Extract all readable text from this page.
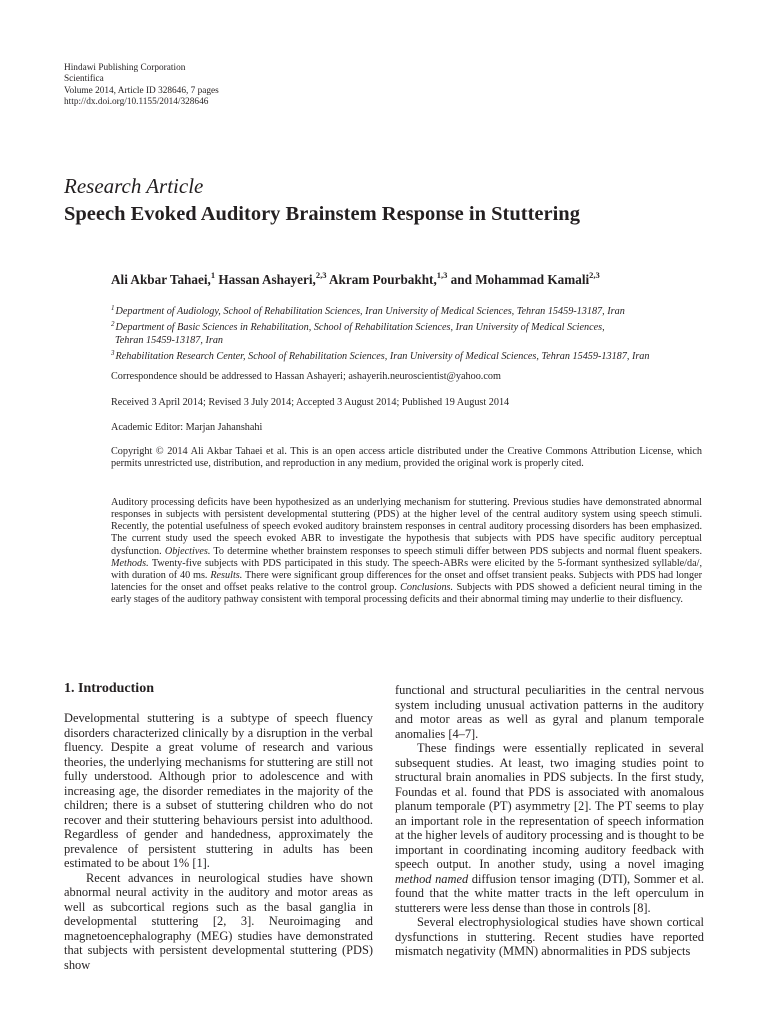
Hindawi Publishing Corporation
Scientifica
Volume 2014, Article ID 328646, 7 pages
http://dx.doi.org/10.1155/2014/328646
Research Article
Speech Evoked Auditory Brainstem Response in Stuttering
Ali Akbar Tahaei,$^1$ Hassan Ashayeri,$^{2,3}$ Akram Pourbakht,$^{1,3}$ and Mohammad Kamali$^{2,3}$
$^1$Department of Audiology, School of Rehabilitation Sciences, Iran University of Medical Sciences, Tehran 15459-13187, Iran
$^2$Department of Basic Sciences in Rehabilitation, School of Rehabilitation Sciences, Iran University of Medical Sciences,
Tehran 15459-13187, Iran
$^3$Rehabilitation Research Center, School of Rehabilitation Sciences, Iran University of Medical Sciences, Tehran 15459-13187, Iran
Correspondence should be addressed to Hassan Ashayeri; ashayerih.neuroscientist@yahoo.com
Received 3 April 2014; Revised 3 July 2014; Accepted 3 August 2014; Published 19 August 2014
Academic Editor: Marjan Jahanshahi
Copyright © 2014 Ali Akbar Tahaei et al. This is an open access article distributed under the Creative Commons Attribution License, which permits unrestricted use, distribution, and reproduction in any medium, provided the original work is properly cited.
Auditory processing deficits have been hypothesized as an underlying mechanism for stuttering. Previous studies have demonstrated abnormal responses in subjects with persistent developmental stuttering (PDS) at the higher level of the central auditory system using speech stimuli. Recently, the potential usefulness of speech evoked auditory brainstem responses in central auditory processing disorders has been emphasized. The current study used the speech evoked ABR to investigate the hypothesis that subjects with PDS have specific auditory perceptual dysfunction. Objectives. To determine whether brainstem responses to speech stimuli differ between PDS subjects and normal fluent speakers. Methods. Twenty-five subjects with PDS participated in this study. The speech-ABRs were elicited by the 5-formant synthesized syllable/da/, with duration of 40 ms. Results. There were significant group differences for the onset and offset transient peaks. Subjects with PDS had longer latencies for the onset and offset peaks relative to the control group. Conclusions. Subjects with PDS showed a deficient neural timing in the early stages of the auditory pathway consistent with temporal processing deficits and their abnormal timing may underlie to their disfluency.
1. Introduction

Developmental stuttering is a subtype of speech fluency disorders characterized clinically by a disruption in the verbal fluency. Despite a great volume of research and various theories, the underlying mechanisms for stuttering are still not fully understood. Although prior to adolescence and with increasing age, the disorder remediates in the majority of the children; there is a subset of stuttering children who do not recover and their stuttering behaviours persist into adulthood. Regardless of gender and handedness, approximately the prevalence of persistent stuttering in adults has been estimated to be about 1% [1].

Recent advances in neurological studies have shown abnormal neural activity in the auditory and motor areas as well as subcortical regions such as the basal ganglia in developmental stuttering [2, 3]. Neuroimaging and magnetoencephalography (MEG) studies have demonstrated that subjects with persistent developmental stuttering (PDS) show

functional and structural peculiarities in the central nervous system including unusual activation patterns in the auditory and motor areas as well as gyral and planum temporale anomalies [4–7].

These findings were essentially replicated in several subsequent studies. At least, two imaging studies point to structural brain anomalies in PDS subjects. In the first study, Foundas et al. found that PDS is associated with anomalous planum temporale (PT) asymmetry [2]. The PT seems to play an important role in the representation of speech information at the higher levels of auditory processing and is thought to be important in coordinating incoming auditory feedback with speech output. In another study, using a novel imaging method named diffusion tensor imaging (DTI), Sommer et al. found that the white matter tracts in the left operculum in stutterers were less dense than those in controls [8].

Several electrophysiological studies have shown cortical dysfunctions in stuttering. Recent studies have reported mismatch negativity (MMN) abnormalities in PDS subjects
